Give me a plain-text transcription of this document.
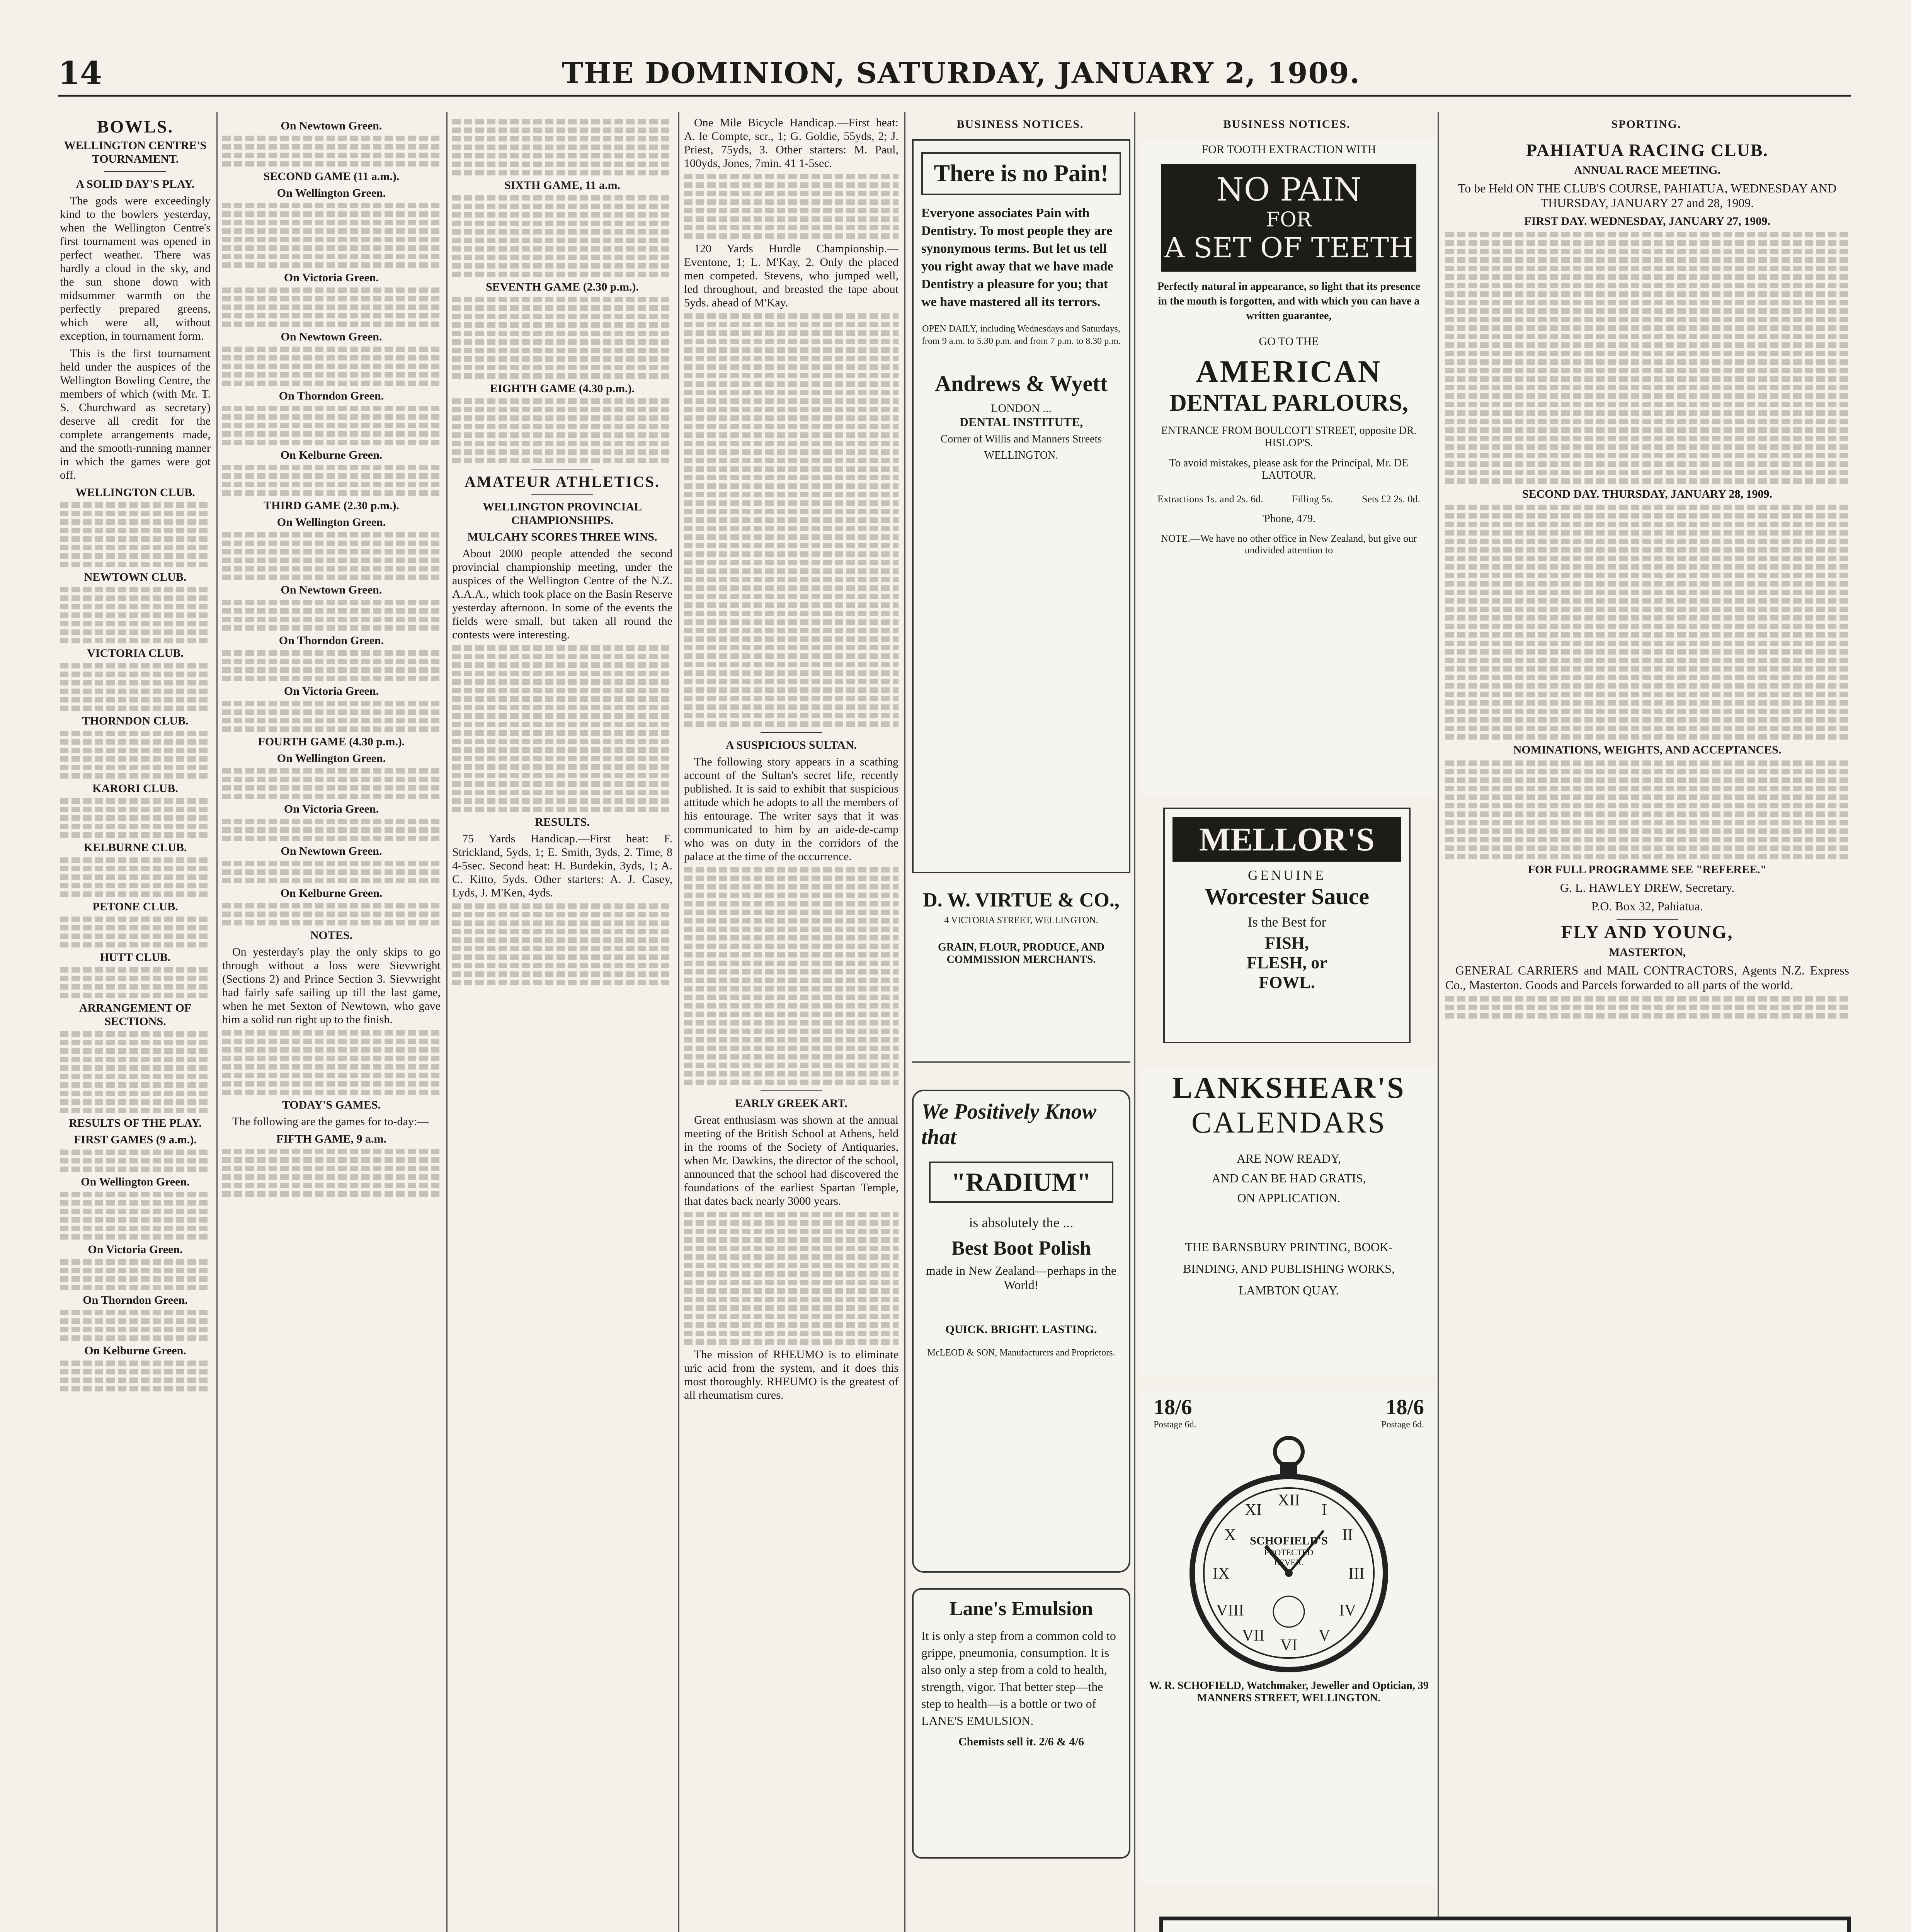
14	THE DOMINION, SATURDAY, JANUARY 2, 1909.
BOWLS.
WELLINGTON CENTRE'S TOURNAMENT.
A SOLID DAY'S PLAY.

The gods were exceedingly kind to the bowlers yesterday, when the Wellington Centre's first tournament was opened in perfect weather. There was hardly a cloud in the sky, and the sun shone down with midsummer warmth on the perfectly prepared greens, which were all, without exception, in tournament form.

This is the first tournament held under the auspices of the Wellington Bowling Centre, the members of which (with Mr. T. S. Churchward as secretary) deserve all credit for the complete arrangements made, and the smooth-running manner in which the games were got off.

WELLINGTON CLUB.
NEWTOWN CLUB.
VICTORIA CLUB.
THORNDON CLUB.
KARORI CLUB.
KELBURNE CLUB.
PETONE CLUB.
HUTT CLUB.
ARRANGEMENT OF SECTIONS.
RESULTS OF THE PLAY.
FIRST GAMES (9 a.m.).
On Wellington Green.
On Victoria Green.
On Thorndon Green.
On Kelburne Green.
On Newtown Green.
SECOND GAME (11 a.m.).
On Wellington Green.
On Victoria Green.
On Newtown Green.
On Thorndon Green.
On Kelburne Green.
THIRD GAME (2.30 p.m.).
On Wellington Green.
On Newtown Green.
On Thorndon Green.
On Victoria Green.
FOURTH GAME (4.30 p.m.).
On Wellington Green.
On Victoria Green.
On Newtown Green.
On Kelburne Green.
NOTES.

On yesterday's play the only skips to go through without a loss were Sievwright (Sections 2) and Prince Section 3. Sievwright had fairly safe sailing up till the last game, when he met Sexton of Newtown, who gave him a solid run right up to the finish.

TODAY'S GAMES.

The following are the games for to-day:—

FIFTH GAME, 9 a.m.
SIXTH GAME, 11 a.m.
SEVENTH GAME (2.30 p.m.).
EIGHTH GAME (4.30 p.m.).
AMATEUR ATHLETICS.
WELLINGTON PROVINCIAL CHAMPIONSHIPS.
MULCAHY SCORES THREE WINS.

About 2000 people attended the second provincial championship meeting, under the auspices of the Wellington Centre of the N.Z. A.A.A., which took place on the Basin Reserve yesterday afternoon. In some of the events the fields were small, but taken all round the contests were interesting.

RESULTS.

75 Yards Handicap.—First heat: F. Strickland, 5yds, 1; E. Smith, 3yds, 2. Time, 8 4-5sec. Second heat: H. Burdekin, 3yds, 1; A. C. Kitto, 5yds. Other starters: A. J. Casey, Lyds, J. M'Ken, 4yds.

One Mile Bicycle Handicap.—First heat: A. le Compte, scr., 1; G. Goldie, 55yds, 2; J. Priest, 75yds, 3. Other starters: M. Paul, 100yds, Jones, 7min. 41 1-5sec.

120 Yards Hurdle Championship.—Eventone, 1; L. M'Kay, 2. Only the placed men competed. Stevens, who jumped well, led throughout, and breasted the tape about 5yds. ahead of M'Kay.

A SUSPICIOUS SULTAN.

The following story appears in a scathing account of the Sultan's secret life, recently published. It is said to exhibit that suspicious attitude which he adopts to all the members of his entourage. The writer says that it was communicated to him by an aide-de-camp who was on duty in the corridors of the palace at the time of the occurrence.

EARLY GREEK ART.

Great enthusiasm was shown at the annual meeting of the British School at Athens, held in the rooms of the Society of Antiquaries, when Mr. Dawkins, the director of the school, announced that the school had discovered the foundations of the earliest Spartan Temple, that dates back nearly 3000 years.

The mission of RHEUMO is to eliminate uric acid from the system, and it does this most thoroughly. RHEUMO is the greatest of all rheumatism cures.

BUSINESS NOTICES.	BUSINESS NOTICES.	SPORTING.
There is no Pain!
Everyone associates Pain with Dentistry. To most people they are synonymous terms. But let us tell you right away that we have made Dentistry a pleasure for you; that we have mastered all its terrors.
OPEN DAILY, including Wednesdays and Saturdays, from 9 a.m. to 5.30 p.m. and from 7 p.m. to 8.30 p.m.
Andrews & Wyett
LONDON ...
DENTAL INSTITUTE,
Corner of Willis and Manners Streets
WELLINGTON.
D. W. VIRTUE & CO.,
4 VICTORIA STREET, WELLINGTON.
GRAIN, FLOUR, PRODUCE, AND COMMISSION MERCHANTS.
We Positively Know that
"RADIUM"
is absolutely the ...
Best Boot Polish
made in New Zealand—perhaps in the World!
QUICK. BRIGHT. LASTING.
McLEOD & SON, Manufacturers and Proprietors.
Lane's Emulsion
It is only a step from a common cold to grippe, pneumonia, consumption. It is also only a step from a cold to health, strength, vigor. That better step—the step to health—is a bottle or two of LANE'S EMULSION.
Chemists sell it. 2/6 & 4/6
FOR TOOTH EXTRACTION WITH
NO PAIN
FOR
A SET OF TEETH
Perfectly natural in appearance, so light that its presence in the mouth is forgotten, and with which you can have a written guarantee,
GO TO THE
AMERICAN
DENTAL PARLOURS,
ENTRANCE FROM BOULCOTT STREET, opposite DR. HISLOP'S.
To avoid mistakes, please ask for the Principal, Mr. DE LAUTOUR.
Extractions 1s. and 2s. 6d.	Filling 5s.	Sets £2 2s. 0d.
'Phone, 479.
NOTE.—We have no other office in New Zealand, but give our undivided attention to
MELLOR'S
GENUINE
Worcester Sauce
Is the Best for
FISH,
FLESH, or
FOWL.
LANKSHEAR'S
CALENDARS
ARE NOW READY,
AND CAN BE HAD GRATIS,
ON APPLICATION.
THE BARNSBURY PRINTING, BOOK-BINDING, AND PUBLISHING WORKS, LAMBTON QUAY.
18/6	18/6
Postage 6d.	Postage 6d.
XII
III
VI
IX
I
II
IV
V
VII
VIII
X
XI
SCHOFIELD'S
PROTECTED
LEVER.
W. R. SCHOFIELD, Watchmaker, Jeweller and Optician, 39 MANNERS STREET, WELLINGTON.
PAHIATUA RACING CLUB.
ANNUAL RACE MEETING.

To be Held ON THE CLUB'S COURSE, PAHIATUA, WEDNESDAY AND THURSDAY, JANUARY 27 and 28, 1909.

FIRST DAY. WEDNESDAY, JANUARY 27, 1909.
SECOND DAY. THURSDAY, JANUARY 28, 1909.
NOMINATIONS, WEIGHTS, AND ACCEPTANCES.
FOR FULL PROGRAMME SEE "REFEREE."

G. L. HAWLEY DREW, Secretary.

P.O. Box 32, Pahiatua.

FLY AND YOUNG,
MASTERTON,

GENERAL CARRIERS and MAIL CONTRACTORS, Agents N.Z. Express Co., Masterton. Goods and Parcels forwarded to all parts of the world.
